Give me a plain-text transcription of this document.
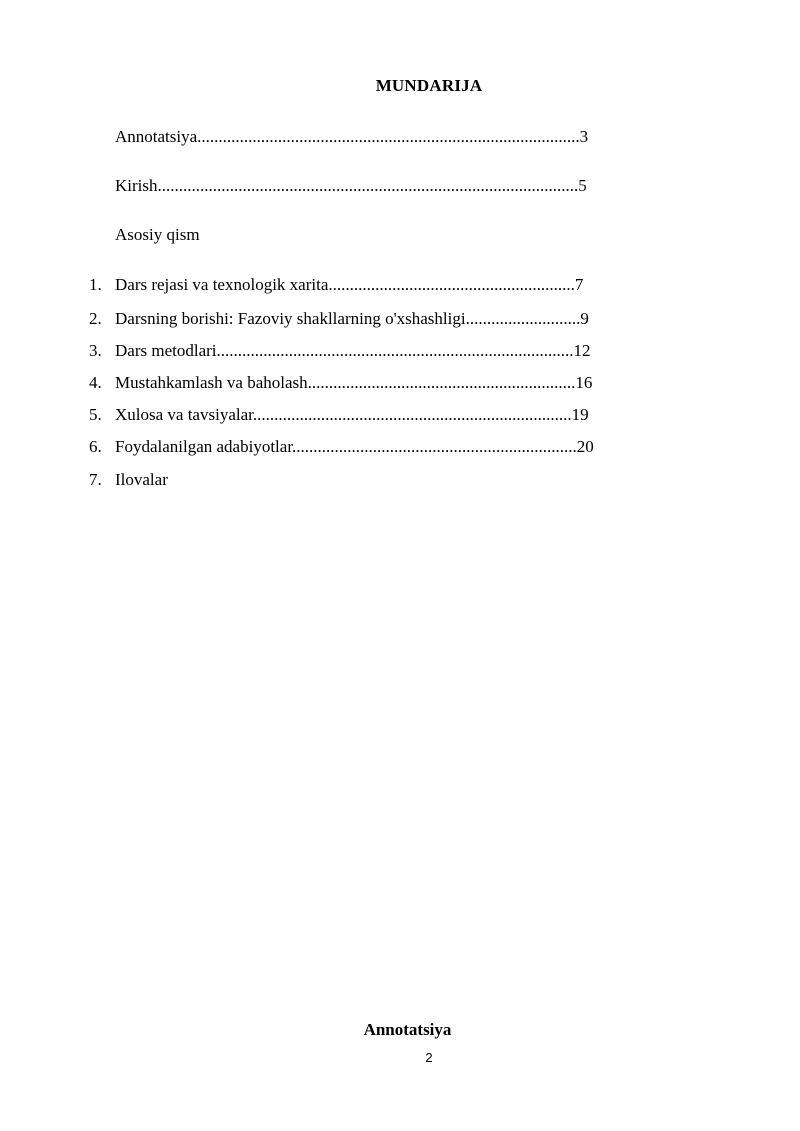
MUNDARIJA
Annotatsiya..........................................................................................3
Kirish...................................................................................................5
Asosiy qism
1. Dars rejasi va texnologik xarita..........................................................7
2. Darsning borishi: Fazoviy shakllarning o'xshashligi...........................9
3. Dars metodlari....................................................................................12
4. Mustahkamlash va baholash...............................................................16
5. Xulosa va tavsiyalar...........................................................................19
6. Foydalanilgan adabiyotlar...................................................................20
7. Ilovalar
Annotatsiya
2
